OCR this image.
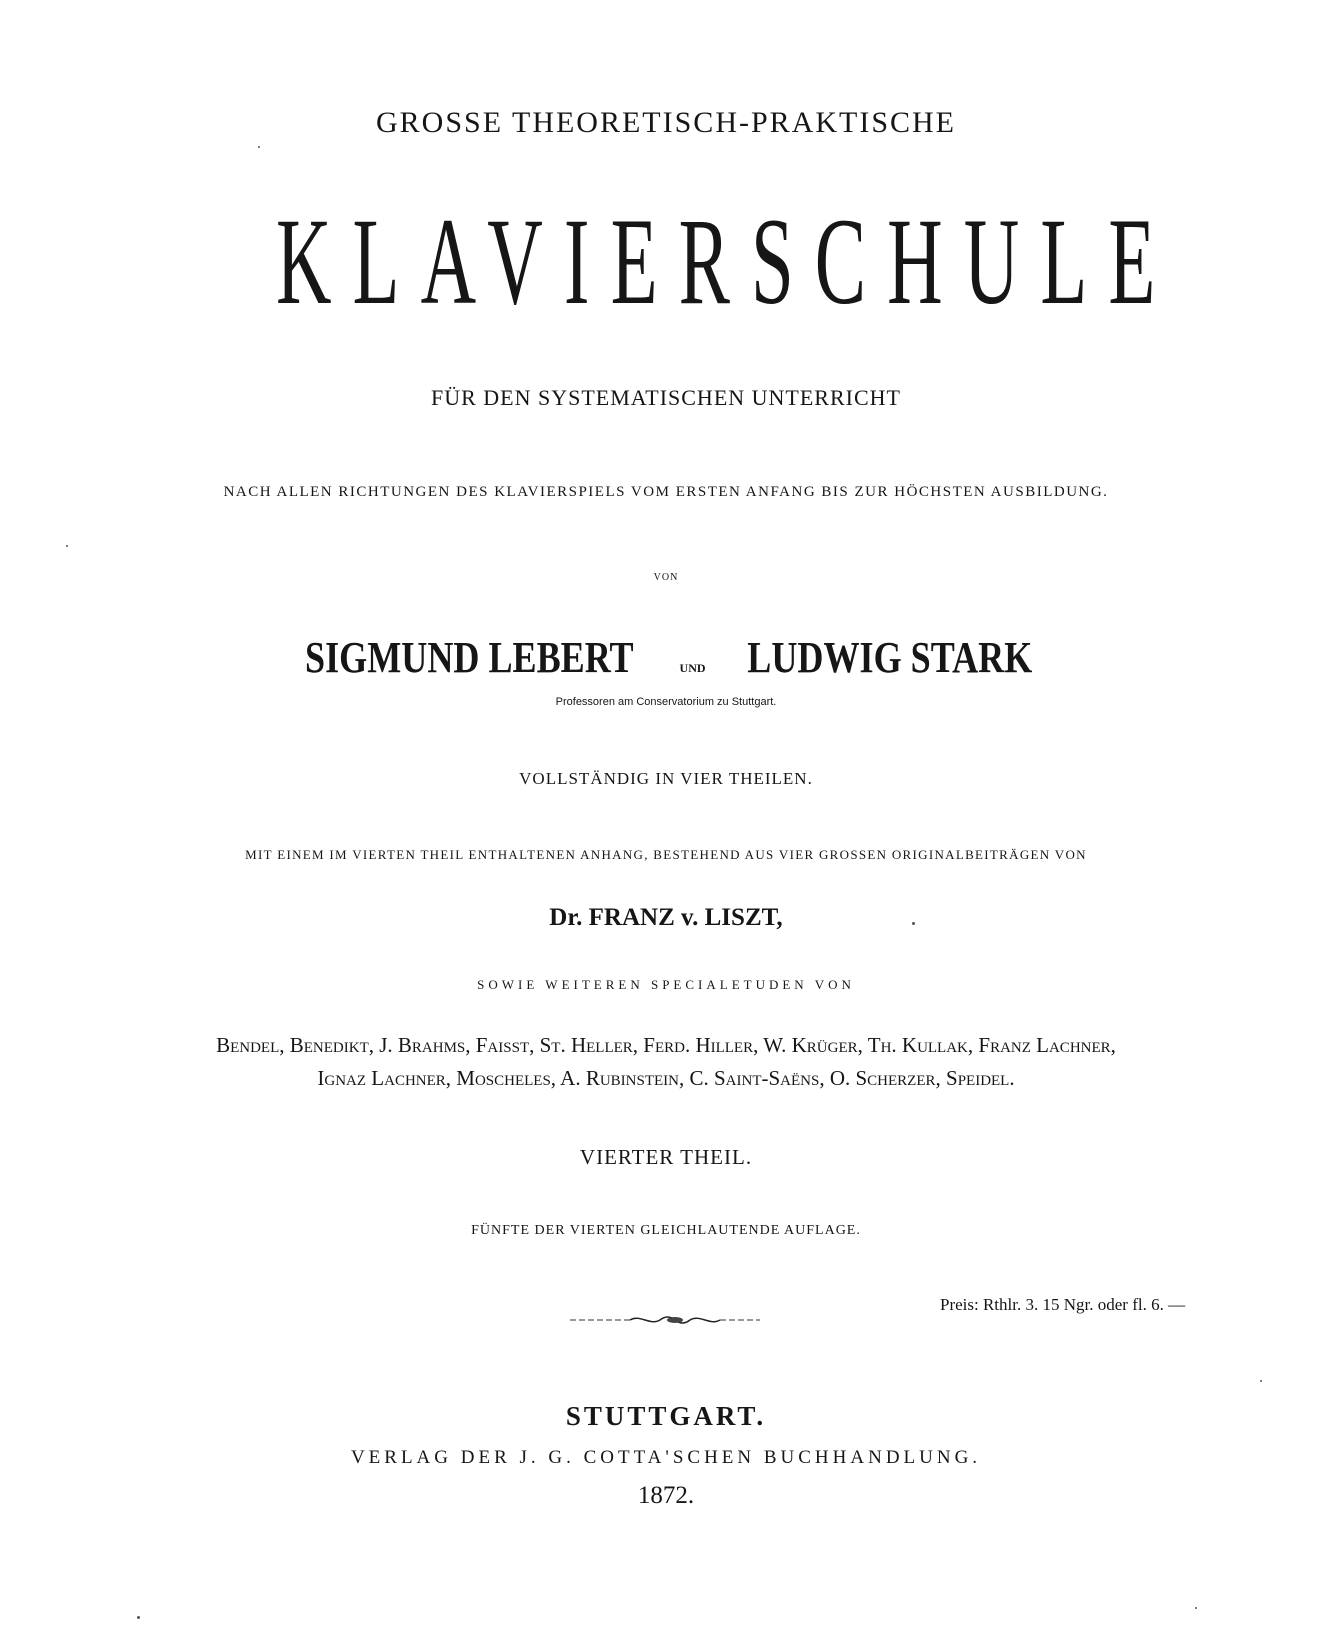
GROSSE THEORETISCH-PRAKTISCHE
KLAVIERSCHULE
FÜR DEN SYSTEMATISCHEN UNTERRICHT
NACH ALLEN RICHTUNGEN DES KLAVIERSPIELS VOM ERSTEN ANFANG BIS ZUR HÖCHSTEN AUSBILDUNG.
VON
SIGMUND LEBERT	UND LUDWIG STARK
Professoren am Conservatorium zu Stuttgart.
VOLLSTÄNDIG IN VIER THEILEN.
MIT EINEM IM VIERTEN THEIL ENTHALTENEN ANHANG, BESTEHEND AUS VIER GROSSEN ORIGINALBEITRÄGEN VON
Dr. FRANZ v. LISZT,
SOWIE WEITEREN SPECIALETUDEN VON
Bendel, Benedikt, J. Brahms, Faisst, St. Heller, Ferd. Hiller, W. Krüger, Th. Kullak, Franz Lachner,
Ignaz Lachner, Moscheles, A. Rubinstein, C. Saint-Saëns, O. Scherzer, Speidel.
VIERTER THEIL.
FÜNFTE DER VIERTEN GLEICHLAUTENDE AUFLAGE.
Preis: Rthlr. 3. 15 Ngr. oder fl. 6. —
STUTTGART.
VERLAG DER J. G. COTTA'SCHEN BUCHHANDLUNG.
1872.
